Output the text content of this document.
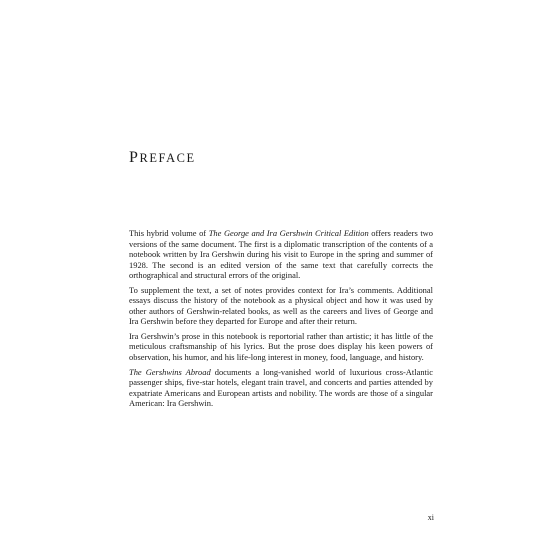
PREFACE

This hybrid volume of The George and Ira Gershwin Critical Edition offers readers two versions of the same document. The first is a diplomatic transcription of the contents of a notebook written by Ira Gershwin during his visit to Europe in the spring and summer of 1928. The second is an edited version of the same text that carefully corrects the orthographical and structural errors of the original.

To supplement the text, a set of notes provides context for Ira’s comments. Additional essays discuss the history of the notebook as a physical object and how it was used by other authors of Gershwin-related books, as well as the careers and lives of George and Ira Gershwin before they departed for Europe and after their return.

Ira Gershwin’s prose in this notebook is reportorial rather than artistic; it has little of the meticulous craftsmanship of his lyrics. But the prose does display his keen powers of observation, his humor, and his life-long interest in money, food, language, and history.

The Gershwins Abroad documents a long-vanished world of luxurious cross-Atlantic passenger ships, five-star hotels, elegant train travel, and concerts and parties attended by expatriate Americans and European artists and nobility. The words are those of a singular American: Ira Gershwin.

xi
